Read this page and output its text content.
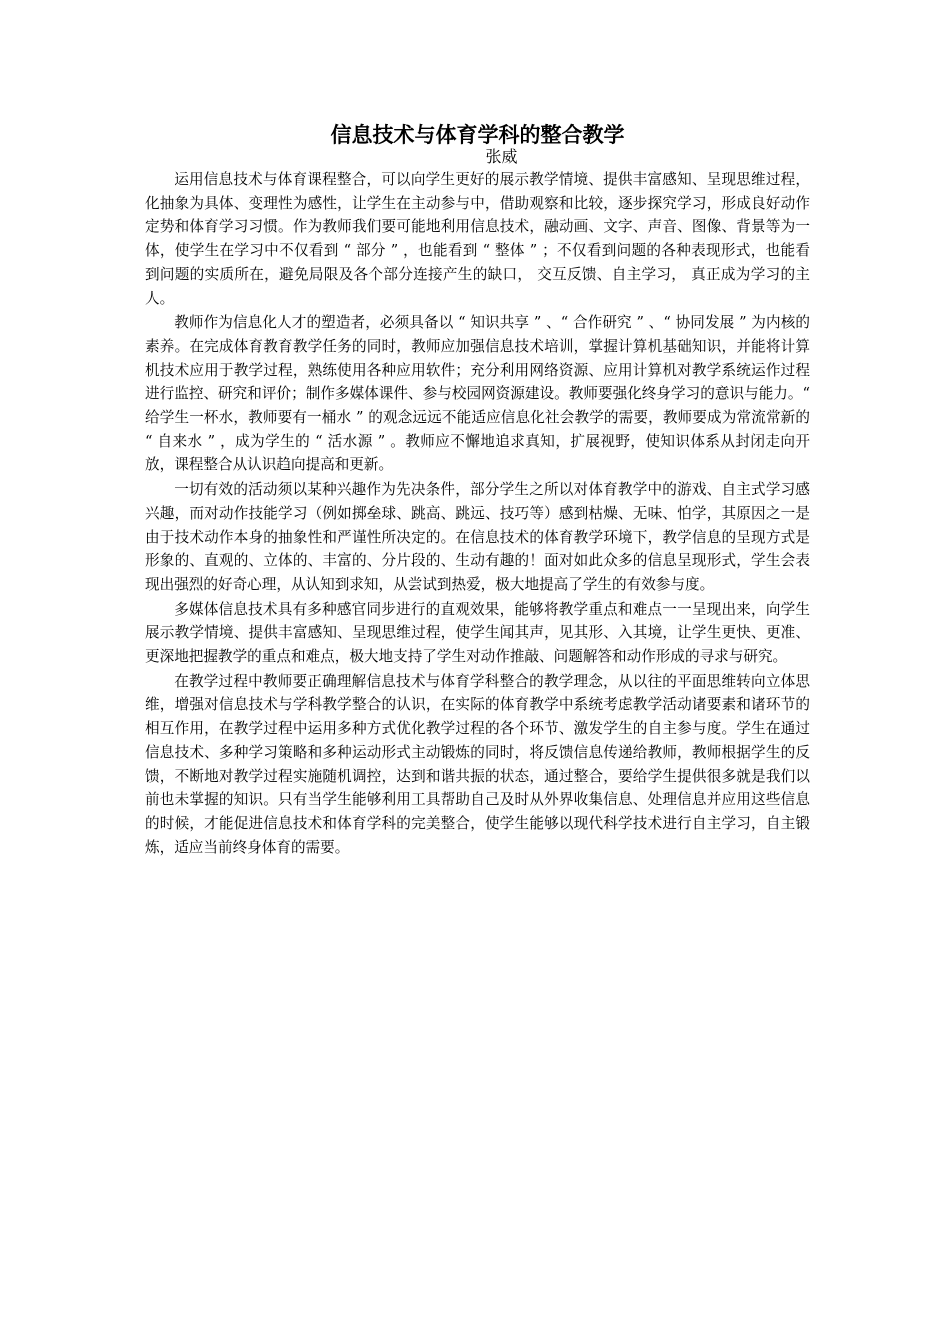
信息技术与体育学科的整合教学
张威

运用信息技术与体育课程整合，可以向学生更好的展示教学情境、提供丰富感知、呈现思维过程，化抽象为具体、变理性为感性，让学生在主动参与中，借助观察和比较，逐步探究学习，形成良好动作定势和体育学习习惯。作为教师我们要可能地利用信息技术，融动画、文字、声音、图像、背景等为一体，使学生在学习中不仅看到 “ 部分 ” ，也能看到 “ 整体 ” ；不仅看到问题的各种表现形式，也能看到问题的实质所在，避免局限及各个部分连接产生的缺口， 交互反馈、自主学习， 真正成为学习的主人。

教师作为信息化人才的塑造者，必须具备以 “ 知识共享 ” 、“ 合作研究 ” 、“ 协同发展 ” 为内核的素养。在完成体育教育教学任务的同时，教师应加强信息技术培训，掌握计算机基础知识，并能将计算机技术应用于教学过程，熟练使用各种应用软件；充分利用网络资源、应用计算机对教学系统运作过程进行监控、研究和评价；制作多媒体课件、参与校园网资源建设。教师要强化终身学习的意识与能力。“ 给学生一杯水，教师要有一桶水 ” 的观念远远不能适应信息化社会教学的需要，教师要成为常流常新的 “ 自来水 ” ，成为学生的 “ 活水源 ” 。教师应不懈地追求真知，扩展视野，使知识体系从封闭走向开放，课程整合从认识趋向提高和更新。

一切有效的活动须以某种兴趣作为先决条件，部分学生之所以对体育教学中的游戏、自主式学习感兴趣，而对动作技能学习（例如掷垒球、跳高、跳远、技巧等）感到枯燥、无味、怕学，其原因之一是由于技术动作本身的抽象性和严谨性所决定的。在信息技术的体育教学环境下，教学信息的呈现方式是形象的、直观的、立体的、丰富的、分片段的、生动有趣的！面对如此众多的信息呈现形式，学生会表现出强烈的好奇心理，从认知到求知，从尝试到热爱，极大地提高了学生的有效参与度。

多媒体信息技术具有多种感官同步进行的直观效果，能够将教学重点和难点一一呈现出来，向学生展示教学情境、提供丰富感知、呈现思维过程，使学生闻其声，见其形、入其境，让学生更快、更准、更深地把握教学的重点和难点，极大地支持了学生对动作推敲、问题解答和动作形成的寻求与研究。

在教学过程中教师要正确理解信息技术与体育学科整合的教学理念，从以往的平面思维转向立体思维，增强对信息技术与学科教学整合的认识，在实际的体育教学中系统考虑教学活动诸要素和诸环节的相互作用，在教学过程中运用多种方式优化教学过程的各个环节、激发学生的自主参与度。学生在通过信息技术、多种学习策略和多种运动形式主动锻炼的同时，将反馈信息传递给教师，教师根据学生的反馈，不断地对教学过程实施随机调控，达到和谐共振的状态，通过整合，要给学生提供很多就是我们以前也未掌握的知识。只有当学生能够利用工具帮助自己及时从外界收集信息、处理信息并应用这些信息的时候，才能促进信息技术和体育学科的完美整合，使学生能够以现代科学技术进行自主学习，自主锻炼，适应当前终身体育的需要。
